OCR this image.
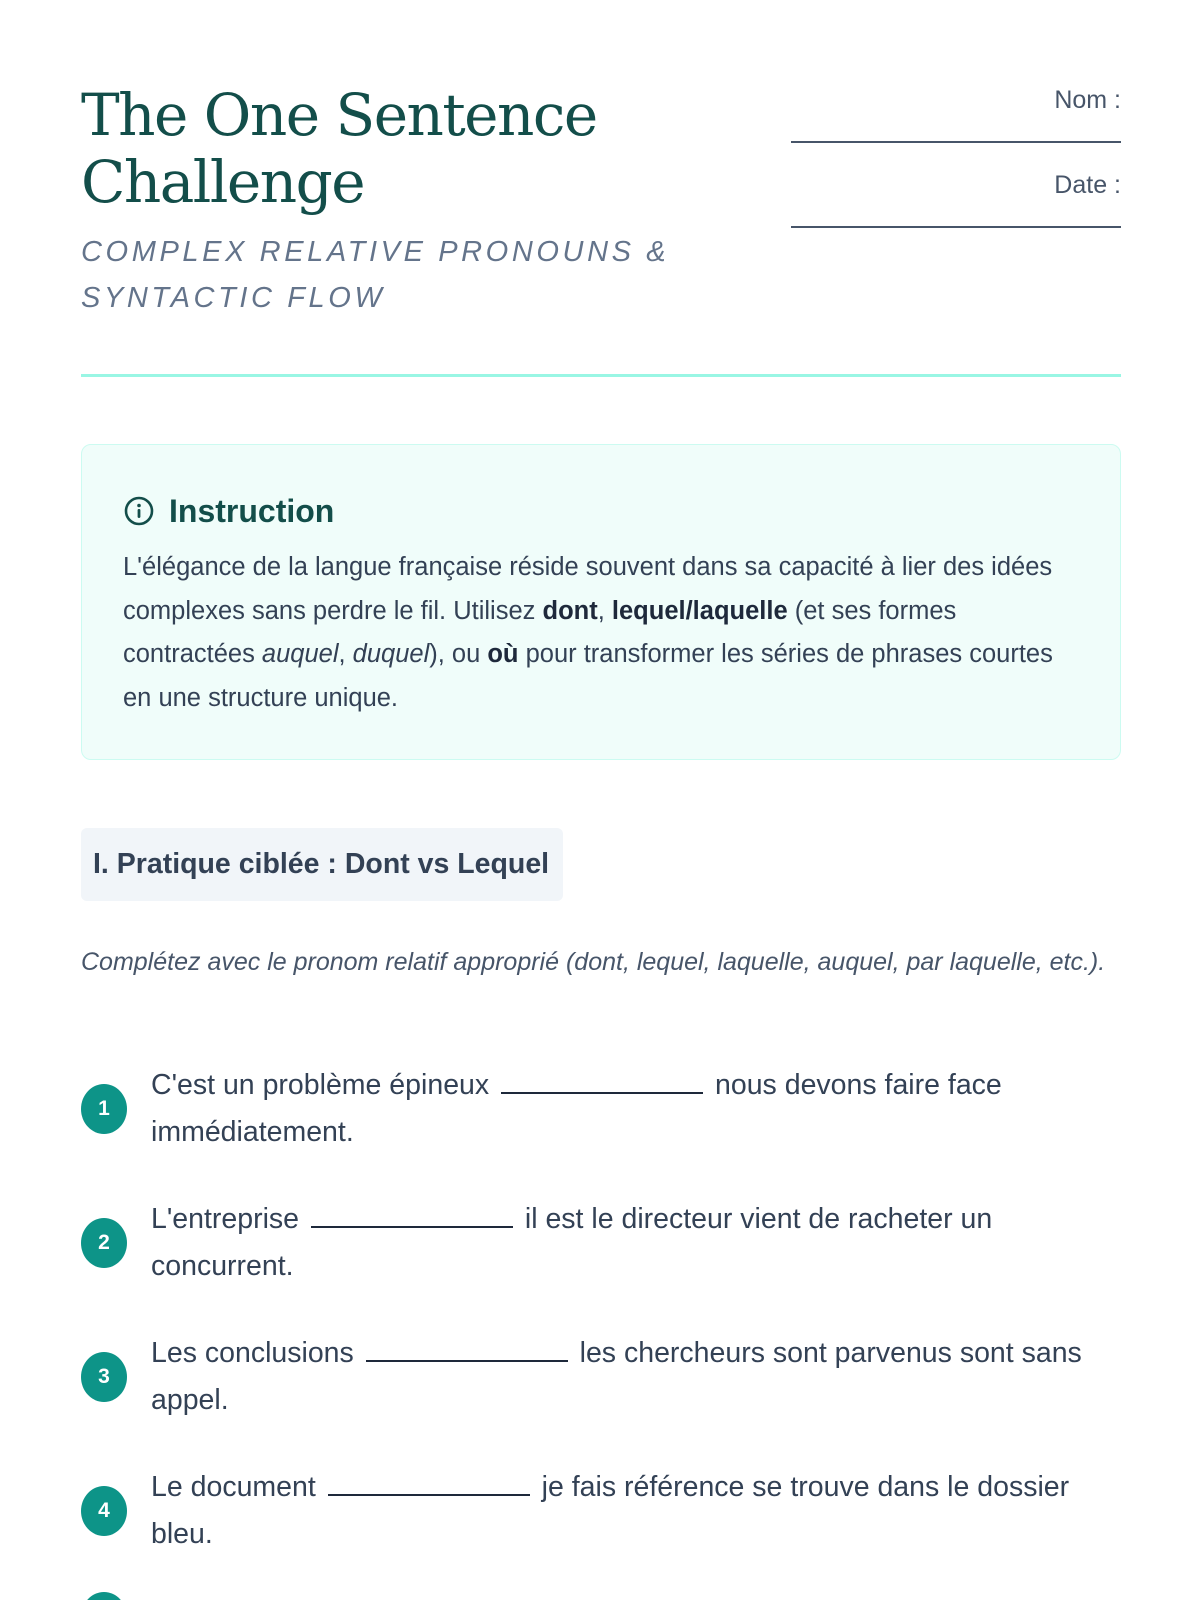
The One Sentence
Challenge
COMPLEX RELATIVE PRONOUNS &
SYNTACTIC FLOW
Nom :
Date :
Instruction

L'élégance de la langue française réside souvent dans sa capacité à lier des idées complexes sans perdre le fil. Utilisez dont, lequel/laquelle (et ses formes contractées auquel, duquel), ou où pour transformer les séries de phrases courtes en une structure unique.

I. Pratique ciblée : Dont vs Lequel

Complétez avec le pronom relatif approprié (dont, lequel, laquelle, auquel, par laquelle, etc.).

1
C'est un problème épineux	nous devons faire face immédiatement.
2
L'entreprise	il est le directeur vient de racheter un concurrent.
3
Les conclusions	les chercheurs sont parvenus sont sans appel.
4
Le document	je fais référence se trouve dans le dossier bleu.
